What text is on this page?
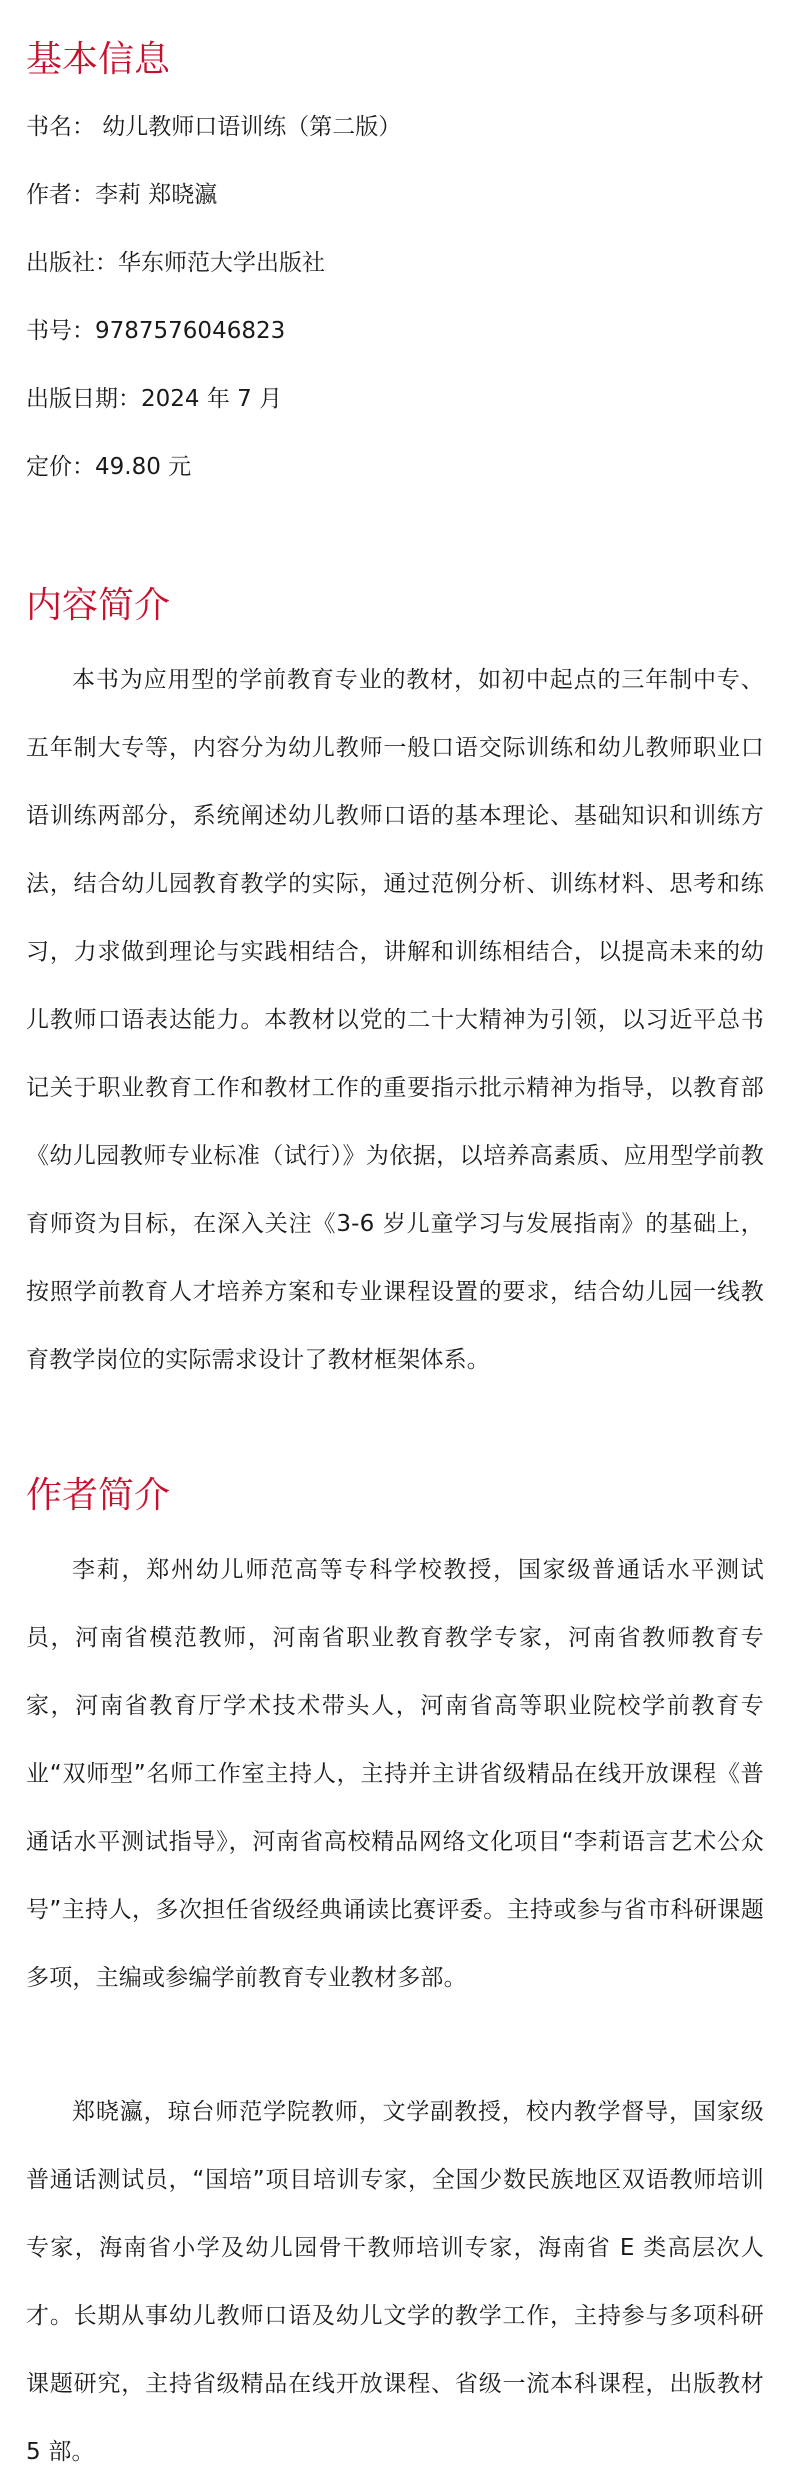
基本信息

书名： 幼儿教师口语训练（第二版）

作者：李莉 郑晓瀛

出版社：华东师范大学出版社

书号：9787576046823

出版日期：2024 年 7 月

定价：49.80 元

内容简介

本书为应用型的学前教育专业的教材，如初中起点的三年制中专、五年制大专等，内容分为幼儿教师一般口语交际训练和幼儿教师职业口语训练两部分，系统阐述幼儿教师口语的基本理论、基础知识和训练方法，结合幼儿园教育教学的实际，通过范例分析、训练材料、思考和练习，力求做到理论与实践相结合，讲解和训练相结合，以提高未来的幼儿教师口语表达能力。本教材以党的二十大精神为引领，以习近平总书记关于职业教育工作和教材工作的重要指示批示精神为指导，以教育部《幼儿园教师专业标准（试行）》为依据，以培养高素质、应用型学前教育师资为目标，在深入关注《3-6 岁儿童学习与发展指南》的基础上，按照学前教育人才培养方案和专业课程设置的要求，结合幼儿园一线教育教学岗位的实际需求设计了教材框架体系。

作者简介

李莉，郑州幼儿师范高等专科学校教授，国家级普通话水平测试员，河南省模范教师，河南省职业教育教学专家，河南省教师教育专家，河南省教育厅学术技术带头人，河南省高等职业院校学前教育专业“双师型”名师工作室主持人，主持并主讲省级精品在线开放课程《普通话水平测试指导》，河南省高校精品网络文化项目“李莉语言艺术公众号”主持人，多次担任省级经典诵读比赛评委。主持或参与省市科研课题多项，主编或参编学前教育专业教材多部。

郑晓瀛，琼台师范学院教师，文学副教授，校内教学督导，国家级普通话测试员，“国培”项目培训专家，全国少数民族地区双语教师培训专家，海南省小学及幼儿园骨干教师培训专家，海南省 E 类高层次人才。长期从事幼儿教师口语及幼儿文学的教学工作，主持参与多项科研课题研究，主持省级精品在线开放课程、省级一流本科课程，出版教材 5 部。
